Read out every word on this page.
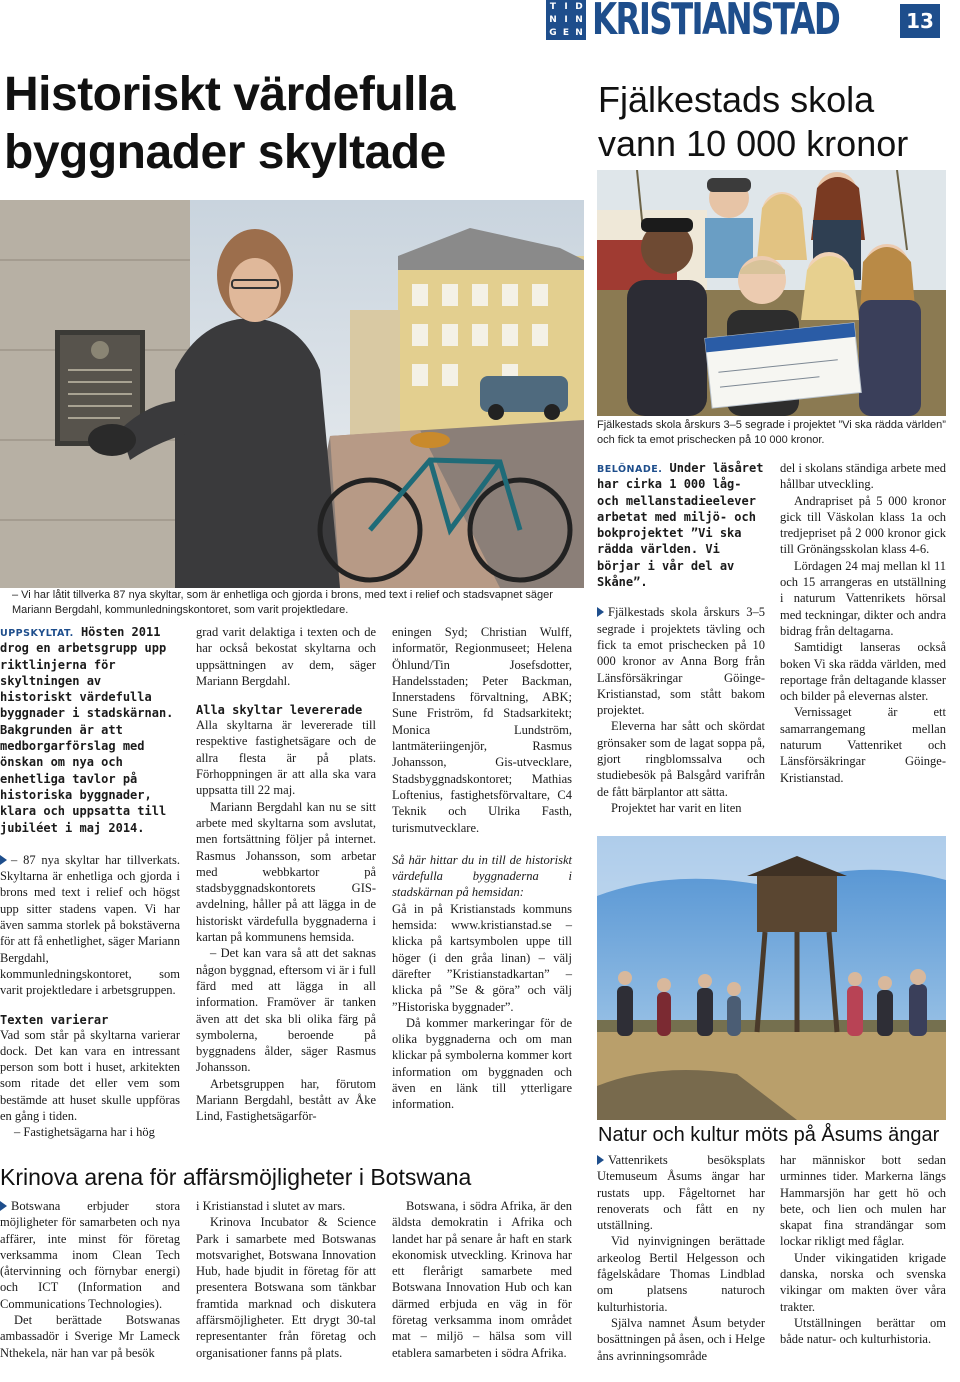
T I D
N I N
G E N KRISTIANSTAD	13
Historiskt värdefulla
byggnader skyltade
Fjälkestads skola
vann 10 000 kronor
– Vi har låtit tillverka 87 nya skyltar, som är enhetliga och gjorda i brons, med text i relief och stadsvapnet säger Mariann Bergdahl, kommunledningskontoret, som varit projektledare.
Fjälkestads skola årskurs 3–5 segrade i projektet ”Vi ska rädda världen” och fick ta emot prischecken på 10 000 kronor.

UPPSKYLTAT. Hösten 2011 drog en arbetsgrupp upp riktlinjerna för skyltningen av historiskt värdefulla byggnader i stadskärnan. Bakgrunden är att medborgarförslag med önskan om nya och enhetliga tavlor på historiska byggnader, klara och uppsatta till jubiléet i maj 2014.

– 87 nya skyltar har tillverkats. Skyltarna är enhetliga och gjorda i brons med text i relief och högst upp sitter stadens vapen. Vi har även samma storlek på bokstäverna för att få enhetlighet, säger Mariann Bergdahl, kommunledningskontoret, som varit projektledare i arbetsgruppen.

Texten varierar

Vad som står på skyltarna varierar dock. Det kan vara en intressant person som bott i huset, arkitekten som ritade det eller vem som bestämde att huset skulle uppföras en gång i tiden.

– Fastighetsägarna har i hög

grad varit delaktiga i texten och de har också bekostat skyltarna och uppsättningen av dem, säger Mariann Bergdahl.

Alla skyltar levererade

Alla skyltarna är levererade till respektive fastighetsägare och de allra flesta är på plats. Förhoppningen är att alla ska vara uppsatta till 22 maj.

Mariann Bergdahl kan nu se sitt arbete med skyltarna som avslutat, men fortsättning följer på internet. Rasmus Johansson, som arbetar med webbkartor på stadsbyggnadskontorets GIS-avdelning, håller på att lägga in de historiskt värdefulla byggnaderna i kartan på kommunens hemsida.

– Det kan vara så att det saknas någon byggnad, eftersom vi är i full färd med att lägga in all information. Framöver är tanken även att det ska bli olika färg på symbolerna, beroende på byggnadens ålder, säger Rasmus Johansson.

Arbetsgruppen har, förutom Mariann Bergdahl, bestått av Åke Lind, Fastighetsägarför-

eningen Syd; Christian Wulff, informatör, Regionmuseet; Helena Öhlund/Tin Josefsdotter, Handelsstaden; Peter Backman, Innerstadens förvaltning, ABK; Sune Friström, fd Stadsarkitekt; Monica Lundström, lantmäteriingenjör, Rasmus Johansson, Gis-utvecklare, Stadsbyggnadskontoret; Mathias Loftenius, fastighetsförvaltare, C4 Teknik och Ulrika Fasth, turismutvecklare.

Så här hittar du in till de historiskt värdefulla byggnaderna i stadskärnan på hemsidan:

Gå in på Kristianstads kommuns hemsida: www.kristianstad.se – klicka på kartsymbolen uppe till höger (i den gråa linan) – välj därefter ”Kristianstadkartan” – klicka på ”Se & göra” och välj ”Historiska byggnader”.

Då kommer markeringar för de olika byggnaderna och om man klickar på symbolerna kommer kort information om byggnaden och även en länk till ytterligare information.

BELÖNADE. Under läsåret har cirka 1 000 låg- och mellanstadieelever arbetat med miljö- och bokprojektet ”Vi ska rädda världen. Vi börjar i vår del av Skåne”.

Fjälkestads skola årskurs 3–5 segrade i projektets tävling och fick ta emot prischecken på 10 000 kronor av Anna Borg från Länsförsäkringar Göinge-Kristianstad, som stått bakom projektet.

Eleverna har sått och skördat grönsaker som de lagat soppa på, gjort ringblomssalva och studiebesök på Balsgård varifrån de fått bärplantor att sätta.

Projektet har varit en liten

del i skolans ständiga arbete med hållbar utveckling.

Andrapriset på 5 000 kronor gick till Väskolan klass 1a och tredjepriset på 2 000 kronor gick till Grönängsskolan klass 4-6.

Lördagen 24 maj mellan kl 11 och 15 arrangeras en utställning i naturum Vattenrikets hörsal med teckningar, dikter och andra bidrag från deltagarna.

Samtidigt lanseras också boken Vi ska rädda världen, med reportage från deltagande klasser och bilder på elevernas alster.

Vernissaget är ett samarrangemang mellan naturum Vattenriket och Länsförsäkringar Göinge-Kristianstad.

Natur och kultur möts på Åsums ängar

Vattenrikets besöksplats Utemuseum Åsums ängar har rustats upp. Fågeltornet har renoverats och fått en ny utställning.

Vid nyinvigningen berättade arkeolog Bertil Helgesson och fågelskådare Thomas Lindblad om platsens naturoch kulturhistoria.

Själva namnet Åsum betyder bosättningen på åsen, och i Helge åns avrinningsområde

har människor bott sedan urminnes tider. Markerna längs Hammarsjön har gett hö och bete, och lien och mulen har skapat fina strandängar som lockar rikligt med fåglar.

Under vikingatiden krigade danska, norska och svenska vikingar om makten över våra trakter.

Utställningen berättar om både natur- och kulturhistoria.

Krinova arena för affärsmöjligheter i Botswana

Botswana erbjuder stora möjligheter för samarbeten och nya affärer, inte minst för företag verksamma inom Clean Tech (återvinning och förnybar energi) och ICT (Information and Communications Technologies).

Det berättade Botswanas ambassadör i Sverige Mr Lameck Nthekela, när han var på besök

i Kristianstad i slutet av mars.

Krinova Incubator & Science Park i samarbete med Botswanas motsvarighet, Botswana Innovation Hub, hade bjudit in företag för att presentera Botswana som tänkbar framtida marknad och diskutera affärsmöjligheter. Ett drygt 30-tal representanter från företag och organisationer fanns på plats.

Botswana, i södra Afrika, är den äldsta demokratin i Afrika och landet har på senare år haft en stark ekonomisk utveckling. Krinova har ett flerårigt samarbete med Botswana Innovation Hub och kan därmed erbjuda en väg in för företag verksamma inom området mat – miljö – hälsa som vill etablera samarbeten i södra Afrika.
